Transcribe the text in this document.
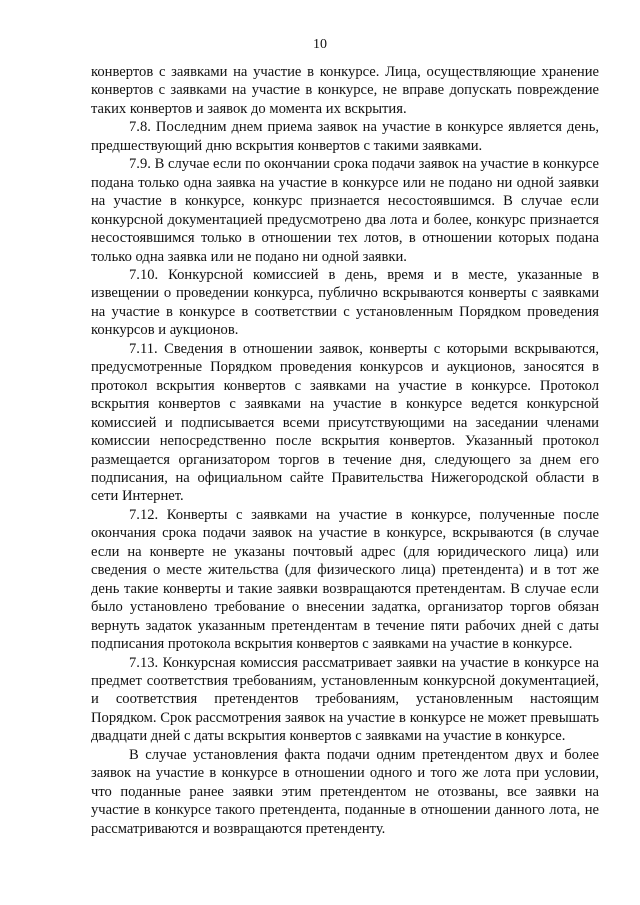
10

конвертов с заявками на участие в конкурсе. Лица, осуществляющие хранение конвертов с заявками на участие в конкурсе, не вправе допускать повреждение таких конвертов и заявок до момента их вскрытия.

7.8. Последним днем приема заявок на участие в конкурсе является день, предшествующий дню вскрытия конвертов с такими заявками.

7.9. В случае если по окончании срока подачи заявок на участие в конкурсе подана только одна заявка на участие в конкурсе или не подано ни одной заявки на участие в конкурсе, конкурс признается несостоявшимся. В случае если конкурсной документацией предусмотрено два лота и более, конкурс признается несостоявшимся только в отношении тех лотов, в отношении которых подана только одна заявка или не подано ни одной заявки.

7.10. Конкурсной комиссией в день, время и в месте, указанные в извещении о проведении конкурса, публично вскрываются конверты с заявками на участие в конкурсе в соответствии с установленным Порядком проведения конкурсов и аукционов.

7.11. Сведения в отношении заявок, конверты с которыми вскрываются, предусмотренные Порядком проведения конкурсов и аукционов, заносятся в протокол вскрытия конвертов с заявками на участие в конкурсе. Протокол вскрытия конвертов с заявками на участие в конкурсе ведется конкурсной комиссией и подписывается всеми присутствующими на заседании членами комиссии непосредственно после вскрытия конвертов. Указанный протокол размещается организатором торгов в течение дня, следующего за днем его подписания, на официальном сайте Правительства Нижегородской области в сети Интернет.

7.12. Конверты с заявками на участие в конкурсе, полученные после окончания срока подачи заявок на участие в конкурсе, вскрываются (в случае если на конверте не указаны почтовый адрес (для юридического лица) или сведения о месте жительства (для физического лица) претендента) и в тот же день такие конверты и такие заявки возвращаются претендентам. В случае если было установлено требование о внесении задатка, организатор торгов обязан вернуть задаток указанным претендентам в течение пяти рабочих дней с даты подписания протокола вскрытия конвертов с заявками на участие в конкурсе.

7.13. Конкурсная комиссия рассматривает заявки на участие в конкурсе на предмет соответствия требованиям, установленным конкурсной документацией, и соответствия претендентов требованиям, установленным настоящим Порядком. Срок рассмотрения заявок на участие в конкурсе не может превышать двадцати дней с даты вскрытия конвертов с заявками на участие в конкурсе.

В случае установления факта подачи одним претендентом двух и более заявок на участие в конкурсе в отношении одного и того же лота при условии, что поданные ранее заявки этим претендентом не отозваны, все заявки на участие в конкурсе такого претендента, поданные в отношении данного лота, не рассматриваются и возвращаются претенденту.
